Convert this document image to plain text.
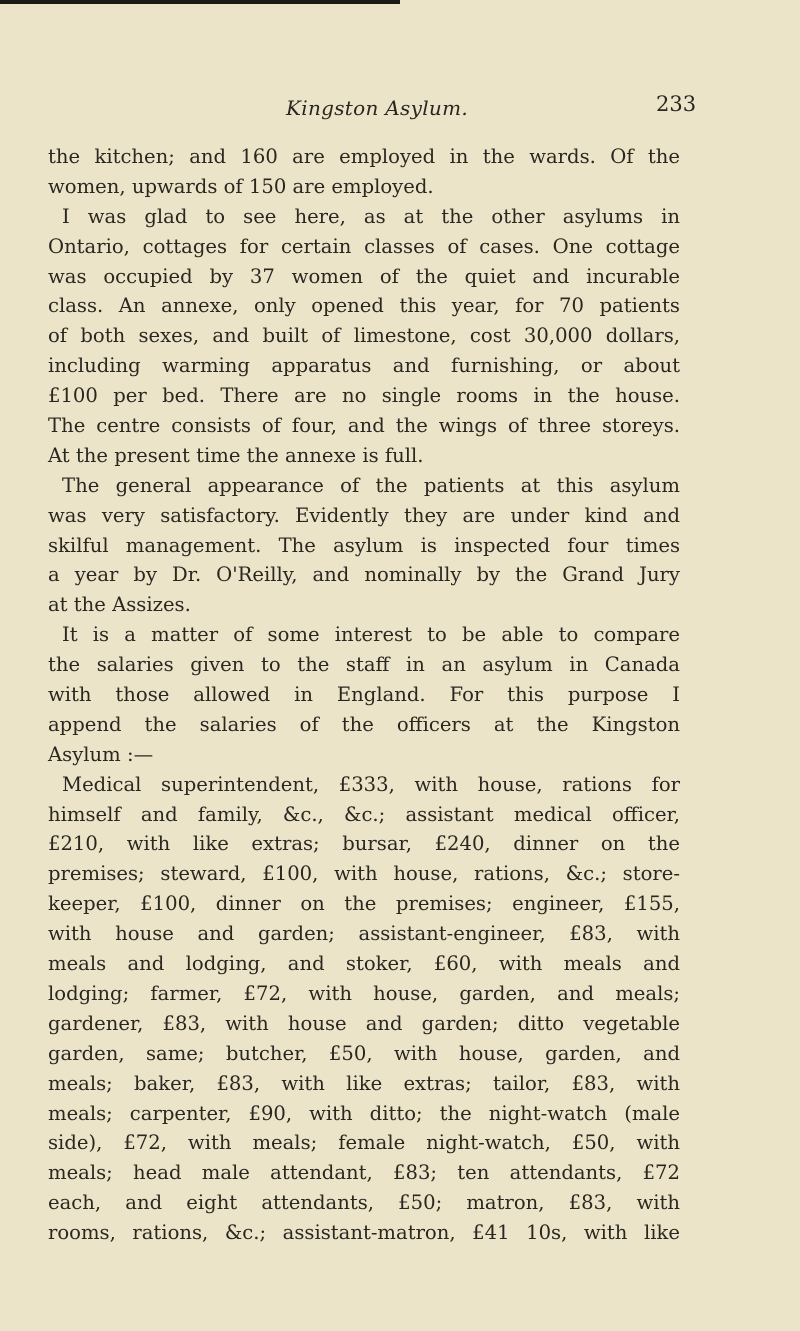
Kingston Asylum.	233
the kitchen; and 160 are employed in the wards. Of the
women, upwards of 150 are employed.
I was glad to see here, as at the other asylums in
Ontario, cottages for certain classes of cases. One cottage
was occupied by 37 women of the quiet and incurable
class. An annexe, only opened this year, for 70 patients
of both sexes, and built of limestone, cost 30,000 dollars,
including warming apparatus and furnishing, or about
£100 per bed. There are no single rooms in the house.
The centre consists of four, and the wings of three storeys.
At the present time the annexe is full.
The general appearance of the patients at this asylum
was very satisfactory. Evidently they are under kind and
skilful management. The asylum is inspected four times
a year by Dr. O'Reilly, and nominally by the Grand Jury
at the Assizes.
It is a matter of some interest to be able to compare
the salaries given to the staff in an asylum in Canada
with those allowed in England. For this purpose I
append the salaries of the officers at the Kingston
Asylum :—
Medical superintendent, £333, with house, rations for
himself and family, &c., &c.; assistant medical officer,
£210, with like extras; bursar, £240, dinner on the
premises; steward, £100, with house, rations, &c.; store-
keeper, £100, dinner on the premises; engineer, £155,
with house and garden; assistant-engineer, £83, with
meals and lodging, and stoker, £60, with meals and
lodging; farmer, £72, with house, garden, and meals;
gardener, £83, with house and garden; ditto vegetable
garden, same; butcher, £50, with house, garden, and
meals; baker, £83, with like extras; tailor, £83, with
meals; carpenter, £90, with ditto; the night-watch (male
side), £72, with meals; female night-watch, £50, with
meals; head male attendant, £83; ten attendants, £72
each, and eight attendants, £50; matron, £83, with
rooms, rations, &c.; assistant-matron, £41 10s, with like
